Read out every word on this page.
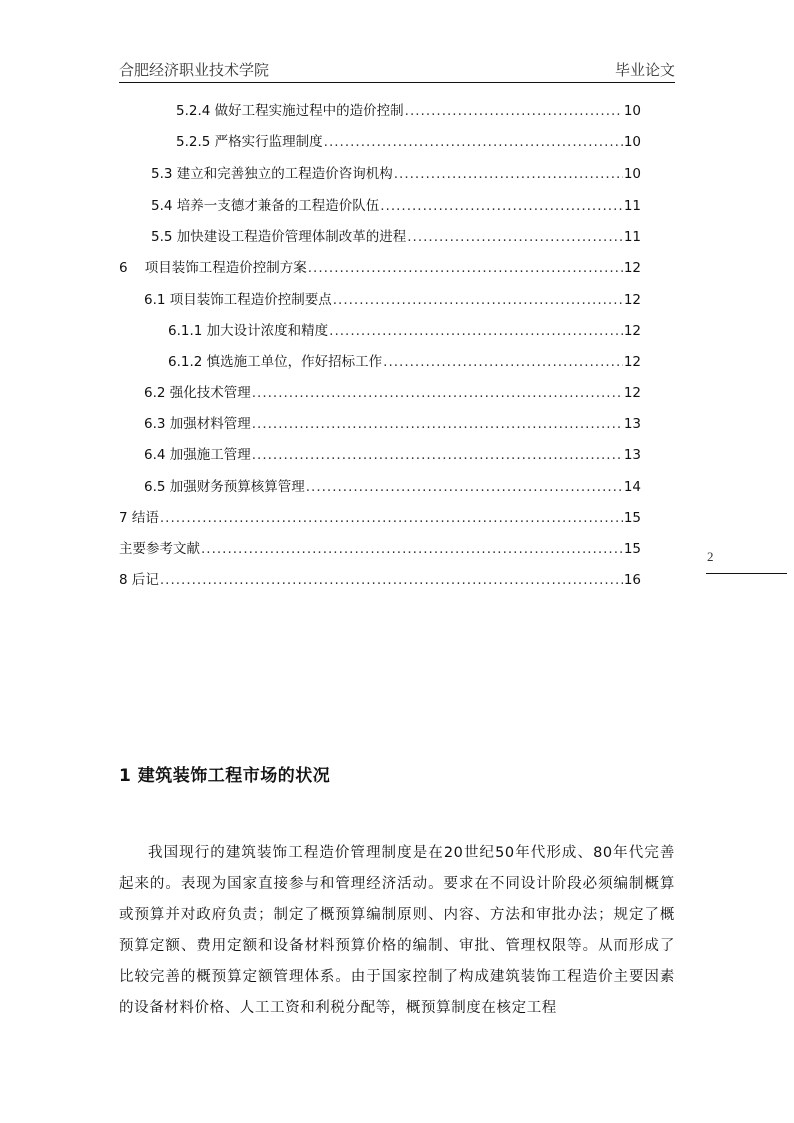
合肥经济职业技术学院	毕业论文
5.2.4 做好工程实施过程中的造价控制 .....	10
5.2.5 严格实行监理制度 .....	10
5.3 建立和完善独立的工程造价咨询机构 .....	10
5.4 培养一支德才兼备的工程造价队伍 .....	11
5.5 加快建设工程造价管理体制改革的进程 .....	11
6 项目装饰工程造价控制方案 .....	12
6.1 项目装饰工程造价控制要点 .....	12
6.1.1 加大设计浓度和精度 .....	12
6.1.2 慎选施工单位，作好招标工作 .....	12
6.2 强化技术管理 .....	12
6.3 加强材料管理 .....	13
6.4 加强施工管理 .....	13
6.5 加强财务预算核算管理 .....	14
7 结语 .....	15
主要参考文献 .....	15
8 后记 .....	16
2
1 建筑装饰工程市场的状况
我国现行的建筑装饰工程造价管理制度是在20世纪50年代形成、80年代完善起来的。表现为国家直接参与和管理经济活动。要求在不同设计阶段必须编制概算或预算并对政府负责；制定了概预算编制原则、内容、方法和审批办法；规定了概预算定额、费用定额和设备材料预算价格的编制、审批、管理权限等。从而形成了比较完善的概预算定额管理体系。由于国家控制了构成建筑装饰工程造价主要因素的设备材料价格、人工工资和利税分配等，概预算制度在核定工程
